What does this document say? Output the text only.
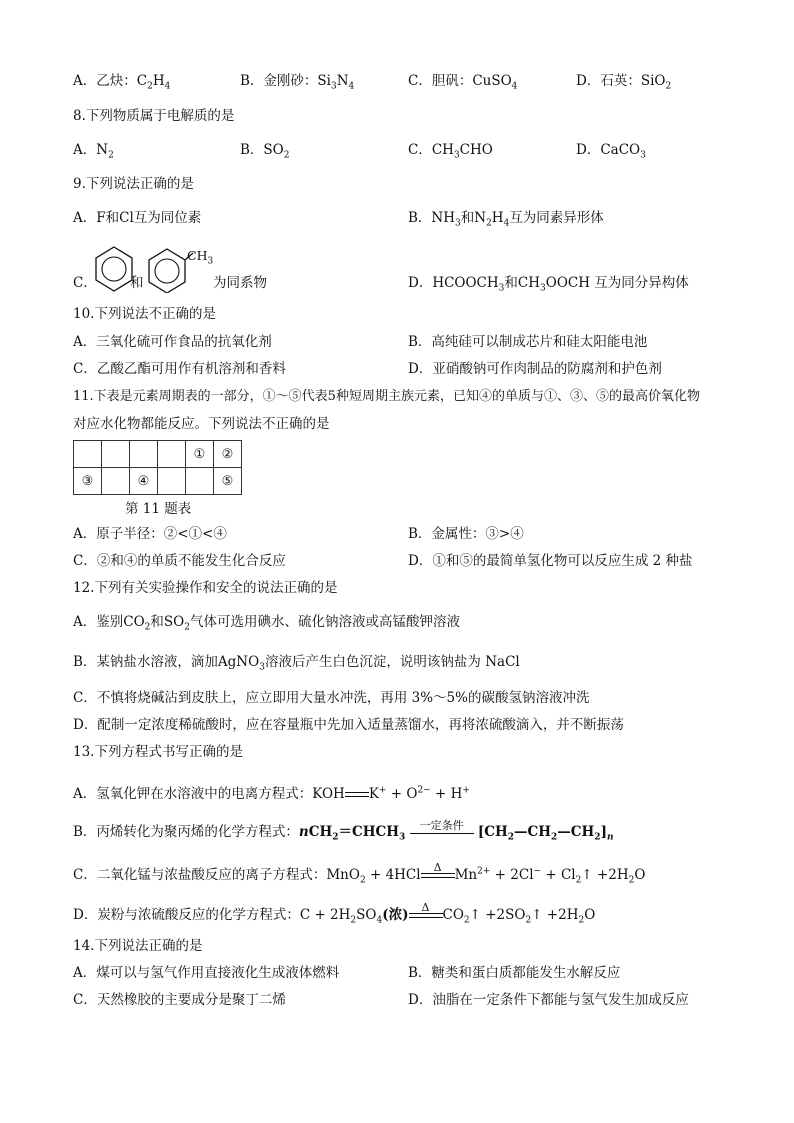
A．乙炔：$C_2H_4$	B．金刚砂：$Si_3N_4$	C．胆矾：CuSO$_4$	D．石英：SiO$_2$
8.下列物质属于电解质的是
A．$N_2$	B．$SO_2$	C．$CH_3CHO$	D．CaCO$_3$
9.下列说法正确的是
A．F和Cl互为同位素	B．$NH_3$和$N_2H_4$互为同素异形体
C． 和
$CH_3$
为同系物	D．$HCOOCH_3$和$CH_3OOCH$ 互为同分异构体
10.下列说法不正确的是
A．三氧化硫可作食品的抗氧化剂	B．高纯硅可以制成芯片和硅太阳能电池
C．乙酸乙酯可用作有机溶剂和香料	D．亚硝酸钠可作肉制品的防腐剂和护色剂
11.下表是元素周期表的一部分，①～⑤代表5种短周期主族元素，已知④的单质与①、③、⑤的最高价氧化物
对应水化物都能反应。下列说法不正确的是
				①	②
③		④			⑤
第 11 题表
A．原子半径：②<①<④	B．金属性：③>④
C．②和④的单质不能发生化合反应	D．①和⑤的最简单氢化物可以反应生成 2 种盐
12.下列有关实验操作和安全的说法正确的是
A．鉴别$CO_2$和$SO_2$气体可选用碘水、硫化钠溶液或高锰酸钾溶液
B．某钠盐水溶液，滴加AgNO$_3$溶液后产生白色沉淀，说明该钠盐为 NaCl
C．不慎将烧碱沾到皮肤上，应立即用大量水冲洗，再用 3%～5%的碳酸氢钠溶液冲洗
D．配制一定浓度稀硫酸时，应在容量瓶中先加入适量蒸馏水，再将浓硫酸滴入，并不断振荡
13.下列方程式书写正确的是
A．氢氧化钾在水溶液中的电离方程式：KOH $K^+ + O^{2-} + H^+$
B．丙烯转化为聚丙烯的化学方程式：$nCH_2=CHCH_3$
一定条件	$[CH_2—CH_2—CH_2]_n$
C．二氧化锰与浓盐酸反应的离子方程式：MnO$_2$ + 4HCl	Δ $Mn^{2+} + 2Cl^-$ + $Cl_2↑ +2H_2O$
D．炭粉与浓硫酸反应的化学方程式：$C + 2H_2SO_4$(浓)	Δ $CO_2↑$ $+2SO_2↑ +2H_2O$
14.下列说法正确的是
A．煤可以与氢气作用直接液化生成液体燃料	B．糖类和蛋白质都能发生水解反应
C．天然橡胶的主要成分是聚丁二烯	D．油脂在一定条件下都能与氢气发生加成反应
